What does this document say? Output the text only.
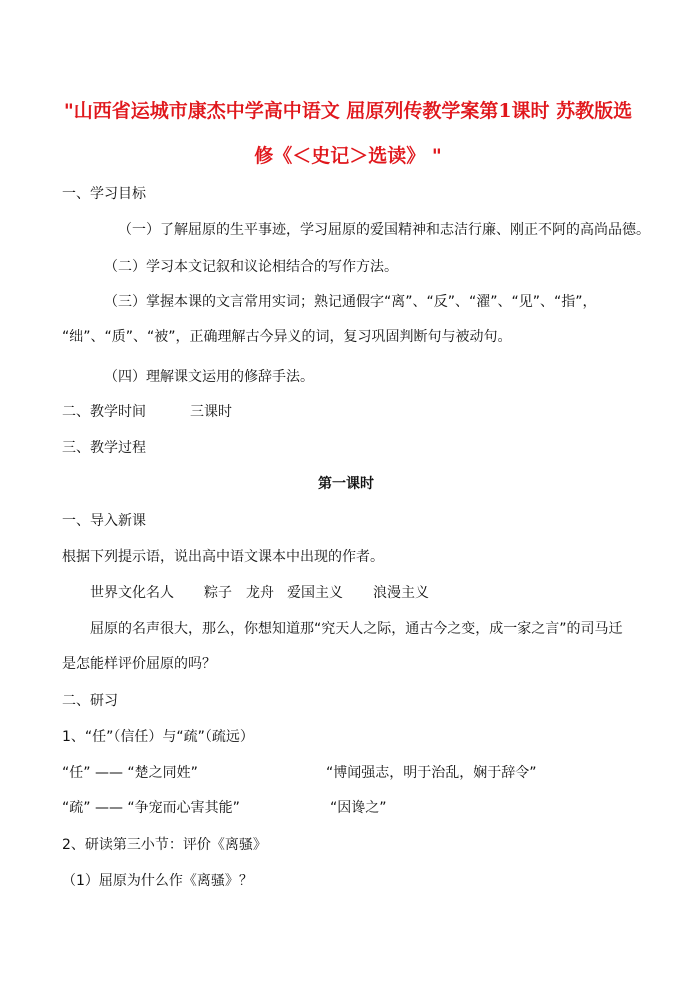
"山西省运城市康杰中学高中语文 屈原列传教学案第1课时 苏教版选
修《＜史记＞选读》 "
一、学习目标
（一）了解屈原的生平事迹，学习屈原的爱国精神和志洁行廉、刚正不阿的高尚品德。
（二）学习本文记叙和议论相结合的写作方法。
（三）掌握本课的文言常用实词；熟记通假字“离”、“反”、“濯”、“见”、“指”，
“绌”、“质”、“被”，正确理解古今异义的词，复习巩固判断句与被动句。
（四）理解课文运用的修辞手法。
二、教学时间	三课时
三、教学过程
第一课时
一、导入新课
根据下列提示语，说出高中语文课本中出现的作者。
世界文化名人 粽子 龙舟 爱国主义 浪漫主义
屈原的名声很大，那么，你想知道那“究天人之际，通古今之变，成一家之言”的司马迁
是怎能样评价屈原的吗？
二、研习
1、“任”（信任）与“疏”（疏远）
“任” —— “楚之同姓”	“博闻强志，明于治乱，娴于辞令”
“疏” —— “争宠而心害其能”	“因谗之”
2、研读第三小节：评价《离骚》
（1）屈原为什么作《离骚》？
